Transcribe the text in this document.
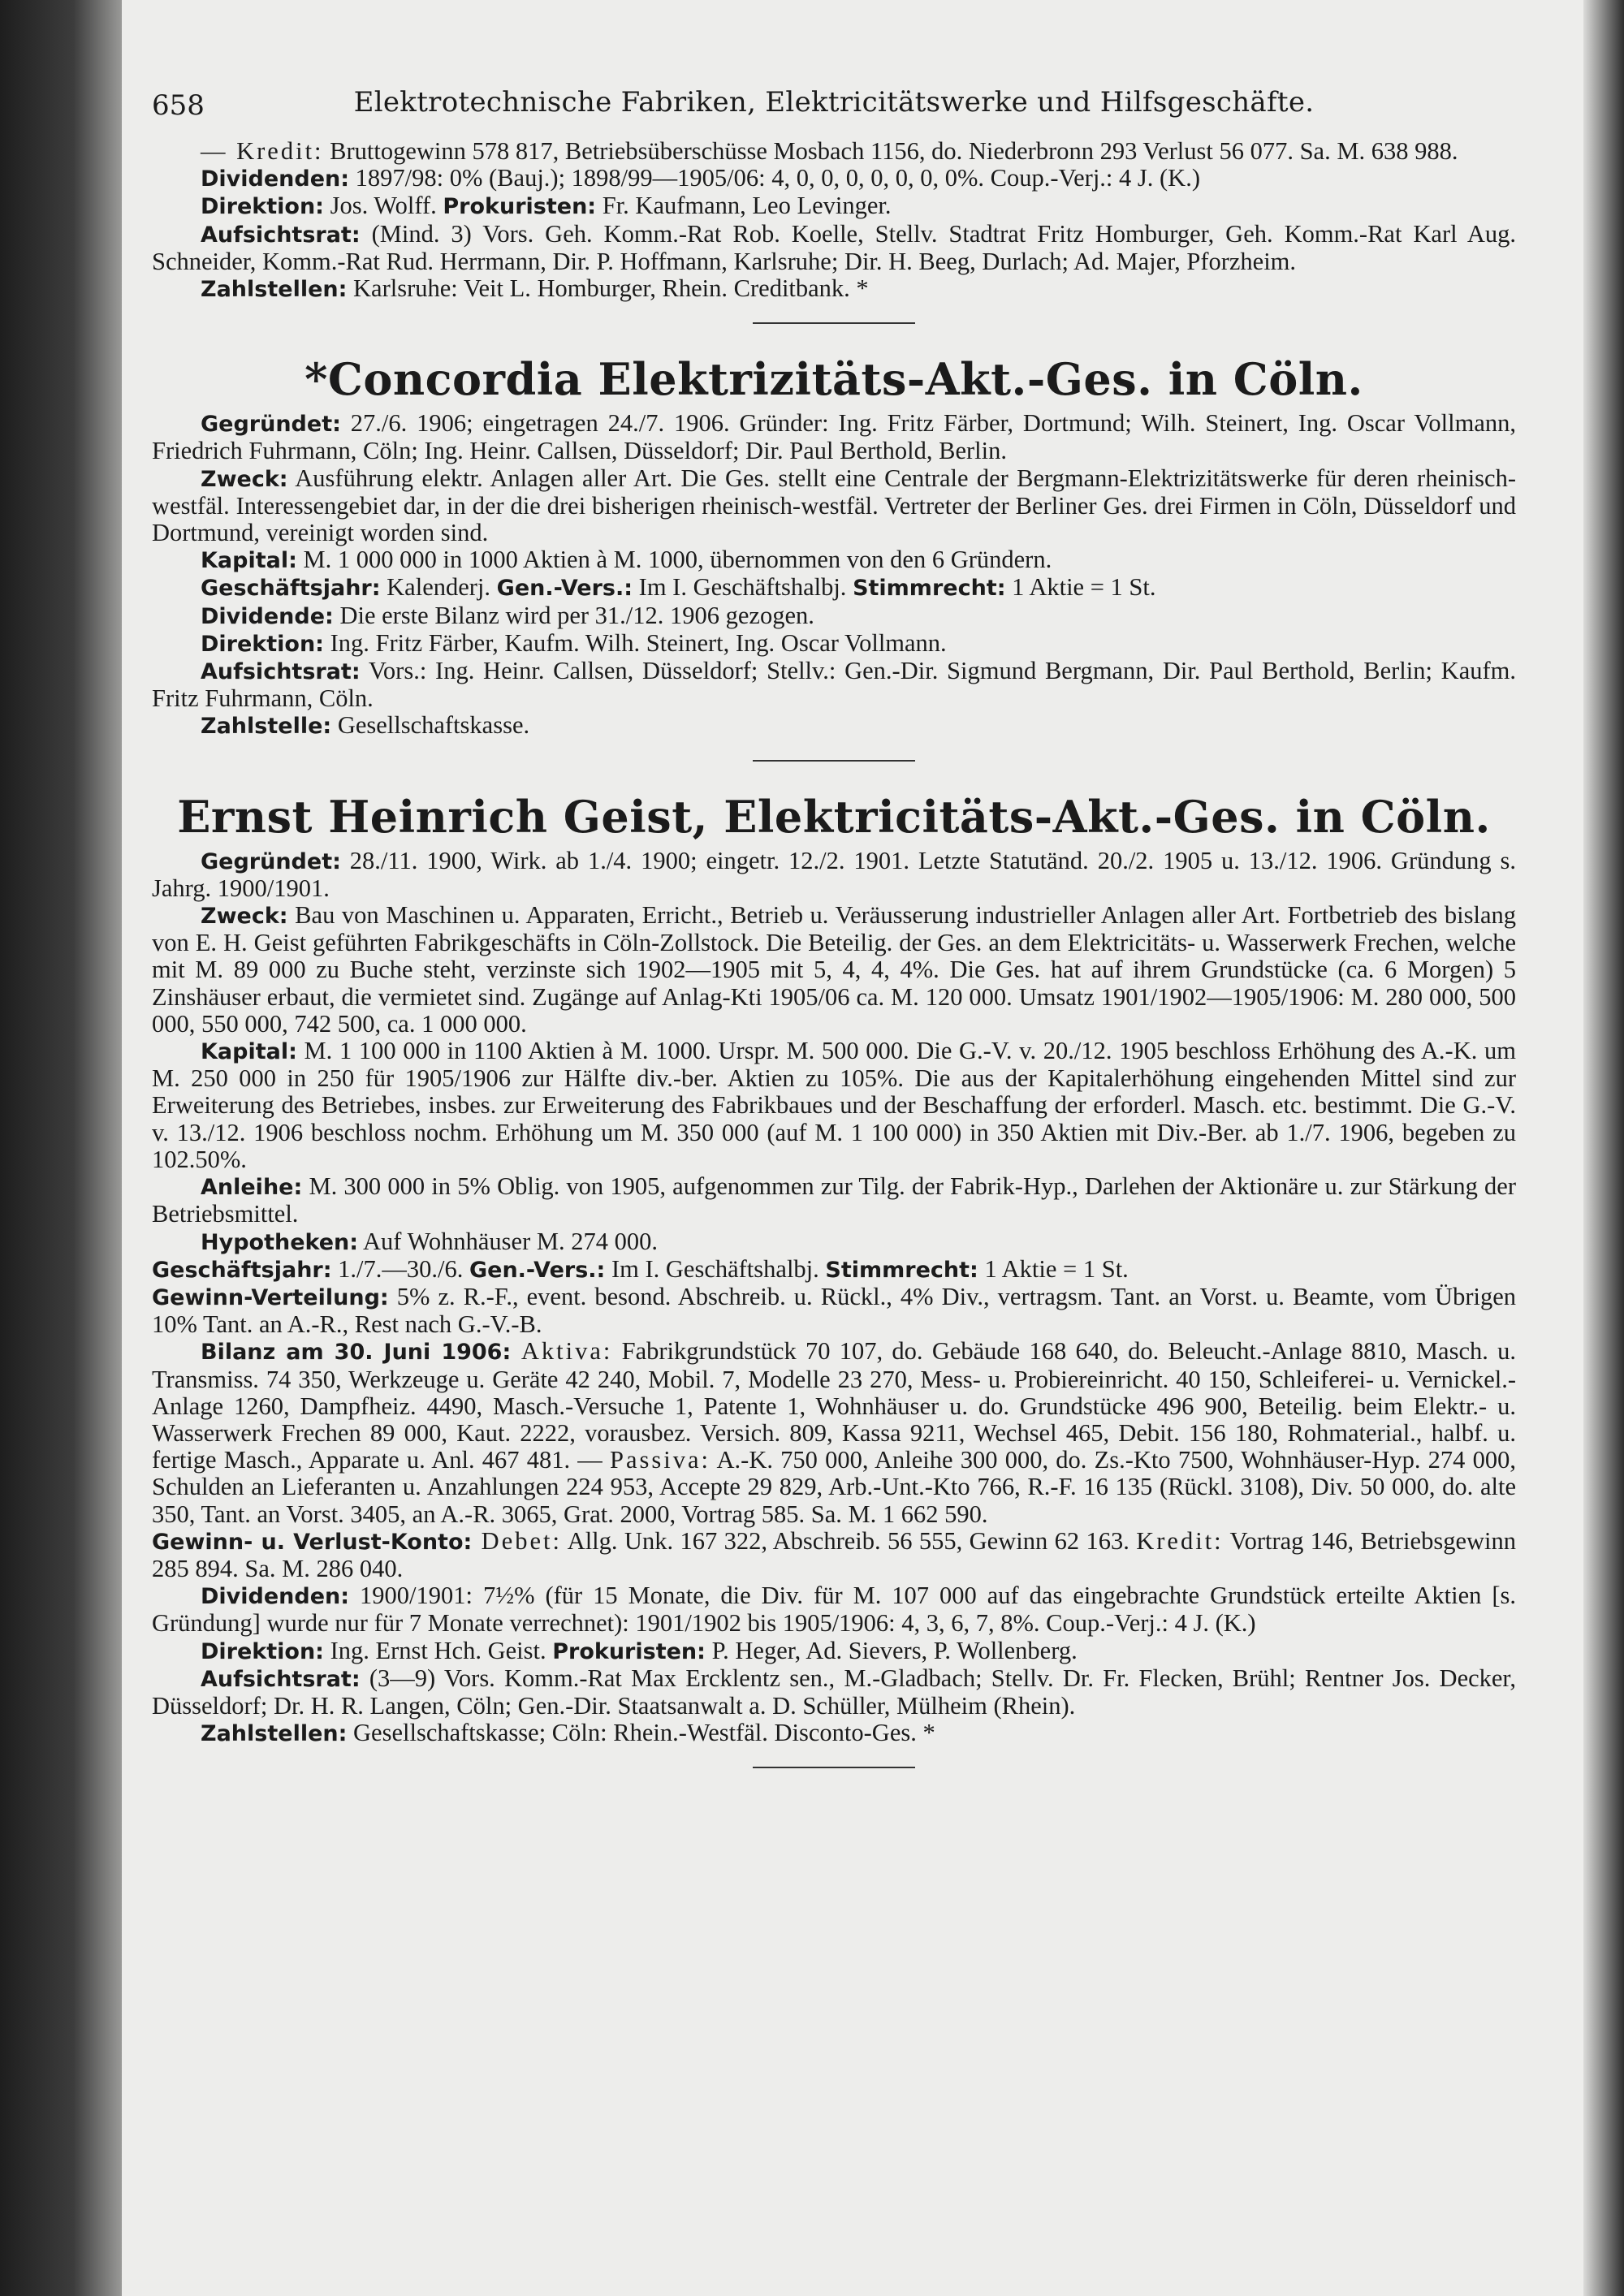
658	Elektrotechnische Fabriken, Elektricitätswerke und Hilfsgeschäfte.

— Kredit: Bruttogewinn 578 817, Betriebsüberschüsse Mosbach 1156, do. Niederbronn 293 Verlust 56 077. Sa. M. 638 988.

Dividenden: 1897/98: 0% (Bauj.); 1898/99—1905/06: 4, 0, 0, 0, 0, 0, 0, 0%. Coup.-Verj.: 4 J. (K.)

Direktion: Jos. Wolff. Prokuristen: Fr. Kaufmann, Leo Levinger.

Aufsichtsrat: (Mind. 3) Vors. Geh. Komm.-Rat Rob. Koelle, Stellv. Stadtrat Fritz Homburger, Geh. Komm.-Rat Karl Aug. Schneider, Komm.-Rat Rud. Herrmann, Dir. P. Hoffmann, Karlsruhe; Dir. H. Beeg, Durlach; Ad. Majer, Pforzheim.

Zahlstellen: Karlsruhe: Veit L. Homburger, Rhein. Creditbank. *

*Concordia Elektrizitäts-Akt.-Ges. in Cöln.

Gegründet: 27./6. 1906; eingetragen 24./7. 1906. Gründer: Ing. Fritz Färber, Dortmund; Wilh. Steinert, Ing. Oscar Vollmann, Friedrich Fuhrmann, Cöln; Ing. Heinr. Callsen, Düsseldorf; Dir. Paul Berthold, Berlin.

Zweck: Ausführung elektr. Anlagen aller Art. Die Ges. stellt eine Centrale der Bergmann-Elektrizitätswerke für deren rheinisch-westfäl. Interessengebiet dar, in der die drei bisherigen rheinisch-westfäl. Vertreter der Berliner Ges. drei Firmen in Cöln, Düsseldorf und Dortmund, vereinigt worden sind.

Kapital: M. 1 000 000 in 1000 Aktien à M. 1000, übernommen von den 6 Gründern.

Geschäftsjahr: Kalenderj. Gen.-Vers.: Im I. Geschäftshalbj. Stimmrecht: 1 Aktie = 1 St.

Dividende: Die erste Bilanz wird per 31./12. 1906 gezogen.

Direktion: Ing. Fritz Färber, Kaufm. Wilh. Steinert, Ing. Oscar Vollmann.

Aufsichtsrat: Vors.: Ing. Heinr. Callsen, Düsseldorf; Stellv.: Gen.-Dir. Sigmund Bergmann, Dir. Paul Berthold, Berlin; Kaufm. Fritz Fuhrmann, Cöln.

Zahlstelle: Gesellschaftskasse.

Ernst Heinrich Geist, Elektricitäts-Akt.-Ges. in Cöln.

Gegründet: 28./11. 1900, Wirk. ab 1./4. 1900; eingetr. 12./2. 1901. Letzte Statutänd. 20./2. 1905 u. 13./12. 1906. Gründung s. Jahrg. 1900/1901.

Zweck: Bau von Maschinen u. Apparaten, Erricht., Betrieb u. Veräusserung industrieller Anlagen aller Art. Fortbetrieb des bislang von E. H. Geist geführten Fabrikgeschäfts in Cöln-Zollstock. Die Beteilig. der Ges. an dem Elektricitäts- u. Wasserwerk Frechen, welche mit M. 89 000 zu Buche steht, verzinste sich 1902—1905 mit 5, 4, 4, 4%. Die Ges. hat auf ihrem Grundstücke (ca. 6 Morgen) 5 Zinshäuser erbaut, die vermietet sind. Zugänge auf Anlag-Kti 1905/06 ca. M. 120 000. Umsatz 1901/1902—1905/1906: M. 280 000, 500 000, 550 000, 742 500, ca. 1 000 000.

Kapital: M. 1 100 000 in 1100 Aktien à M. 1000. Urspr. M. 500 000. Die G.-V. v. 20./12. 1905 beschloss Erhöhung des A.-K. um M. 250 000 in 250 für 1905/1906 zur Hälfte div.-ber. Aktien zu 105%. Die aus der Kapitalerhöhung eingehenden Mittel sind zur Erweiterung des Betriebes, insbes. zur Erweiterung des Fabrikbaues und der Beschaffung der erforderl. Masch. etc. bestimmt. Die G.-V. v. 13./12. 1906 beschloss nochm. Erhöhung um M. 350 000 (auf M. 1 100 000) in 350 Aktien mit Div.-Ber. ab 1./7. 1906, begeben zu 102.50%.

Anleihe: M. 300 000 in 5% Oblig. von 1905, aufgenommen zur Tilg. der Fabrik-Hyp., Darlehen der Aktionäre u. zur Stärkung der Betriebsmittel.

Hypotheken: Auf Wohnhäuser M. 274 000.

Geschäftsjahr: 1./7.—30./6. Gen.-Vers.: Im I. Geschäftshalbj. Stimmrecht: 1 Aktie = 1 St.

Gewinn-Verteilung: 5% z. R.-F., event. besond. Abschreib. u. Rückl., 4% Div., vertragsm. Tant. an Vorst. u. Beamte, vom Übrigen 10% Tant. an A.-R., Rest nach G.-V.-B.

Bilanz am 30. Juni 1906: Aktiva: Fabrikgrundstück 70 107, do. Gebäude 168 640, do. Beleucht.-Anlage 8810, Masch. u. Transmiss. 74 350, Werkzeuge u. Geräte 42 240, Mobil. 7, Modelle 23 270, Mess- u. Probiereinricht. 40 150, Schleiferei- u. Vernickel.-Anlage 1260, Dampfheiz. 4490, Masch.-Versuche 1, Patente 1, Wohnhäuser u. do. Grundstücke 496 900, Beteilig. beim Elektr.- u. Wasserwerk Frechen 89 000, Kaut. 2222, vorausbez. Versich. 809, Kassa 9211, Wechsel 465, Debit. 156 180, Rohmaterial., halbf. u. fertige Masch., Apparate u. Anl. 467 481. — Passiva: A.-K. 750 000, Anleihe 300 000, do. Zs.-Kto 7500, Wohnhäuser-Hyp. 274 000, Schulden an Lieferanten u. Anzahlungen 224 953, Accepte 29 829, Arb.-Unt.-Kto 766, R.-F. 16 135 (Rückl. 3108), Div. 50 000, do. alte 350, Tant. an Vorst. 3405, an A.-R. 3065, Grat. 2000, Vortrag 585. Sa. M. 1 662 590.

Gewinn- u. Verlust-Konto: Debet: Allg. Unk. 167 322, Abschreib. 56 555, Gewinn 62 163. Kredit: Vortrag 146, Betriebsgewinn 285 894. Sa. M. 286 040.

Dividenden: 1900/1901: 7½% (für 15 Monate, die Div. für M. 107 000 auf das eingebrachte Grundstück erteilte Aktien [s. Gründung] wurde nur für 7 Monate verrechnet): 1901/1902 bis 1905/1906: 4, 3, 6, 7, 8%. Coup.-Verj.: 4 J. (K.)

Direktion: Ing. Ernst Hch. Geist. Prokuristen: P. Heger, Ad. Sievers, P. Wollenberg.

Aufsichtsrat: (3—9) Vors. Komm.-Rat Max Ercklentz sen., M.-Gladbach; Stellv. Dr. Fr. Flecken, Brühl; Rentner Jos. Decker, Düsseldorf; Dr. H. R. Langen, Cöln; Gen.-Dir. Staatsanwalt a. D. Schüller, Mülheim (Rhein).

Zahlstellen: Gesellschaftskasse; Cöln: Rhein.-Westfäl. Disconto-Ges. *
